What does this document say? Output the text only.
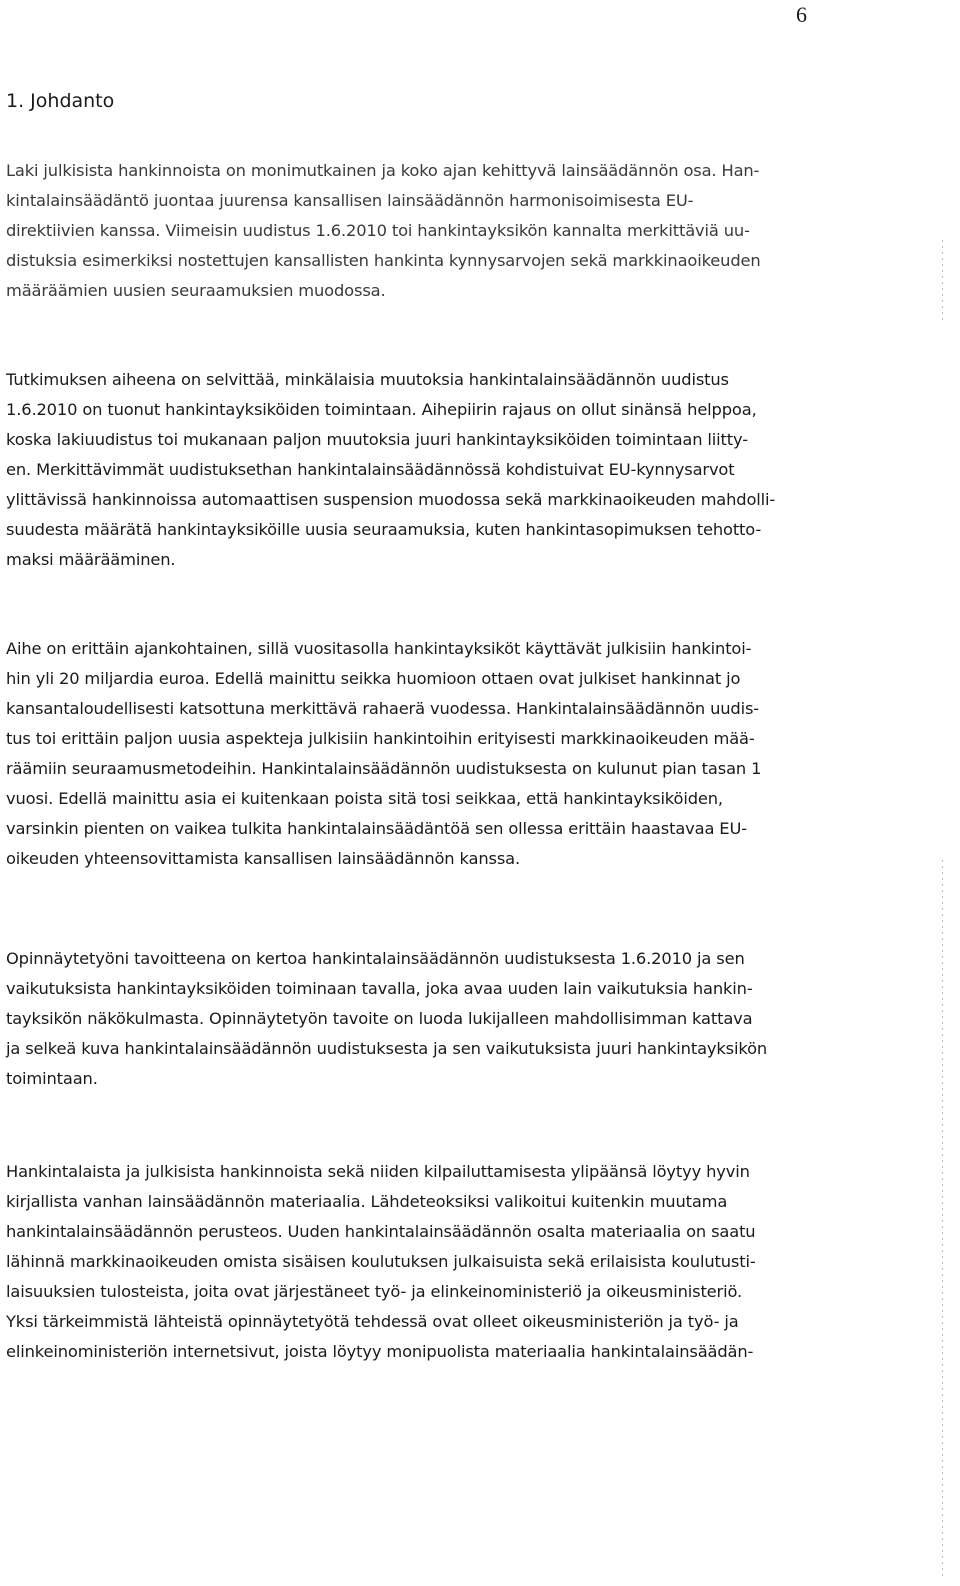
6
1. Johdanto
Laki julkisista hankinnoista on monimutkainen ja koko ajan kehittyvä lainsäädännön osa. Han-
kintalainsäädäntö juontaa juurensa kansallisen lainsäädännön harmonisoimisesta EU-
direktiivien kanssa. Viimeisin uudistus 1.6.2010 toi hankintayksikön kannalta merkittäviä uu-
distuksia esimerkiksi nostettujen kansallisten hankinta kynnysarvojen sekä markkinaoikeuden
määräämien uusien seuraamuksien muodossa.
Tutkimuksen aiheena on selvittää, minkälaisia muutoksia hankintalainsäädännön uudistus
1.6.2010 on tuonut hankintayksiköiden toimintaan. Aihepiirin rajaus on ollut sinänsä helppoa,
koska lakiuudistus toi mukanaan paljon muutoksia juuri hankintayksiköiden toimintaan liitty-
en. Merkittävimmät uudistuksethan hankintalainsäädännössä kohdistuivat EU-kynnysarvot
ylittävissä hankinnoissa automaattisen suspension muodossa sekä markkinaoikeuden mahdolli-
suudesta määrätä hankintayksiköille uusia seuraamuksia, kuten hankintasopimuksen tehotto-
maksi määrääminen.
Aihe on erittäin ajankohtainen, sillä vuositasolla hankintayksiköt käyttävät julkisiin hankintoi-
hin yli 20 miljardia euroa. Edellä mainittu seikka huomioon ottaen ovat julkiset hankinnat jo
kansantaloudellisesti katsottuna merkittävä rahaerä vuodessa. Hankintalainsäädännön uudis-
tus toi erittäin paljon uusia aspekteja julkisiin hankintoihin erityisesti markkinaoikeuden mää-
räämiin seuraamusmetodeihin. Hankintalainsäädännön uudistuksesta on kulunut pian tasan 1
vuosi. Edellä mainittu asia ei kuitenkaan poista sitä tosi seikkaa, että hankintayksiköiden,
varsinkin pienten on vaikea tulkita hankintalainsäädäntöä sen ollessa erittäin haastavaa EU-
oikeuden yhteensovittamista kansallisen lainsäädännön kanssa.
Opinnäytetyöni tavoitteena on kertoa hankintalainsäädännön uudistuksesta 1.6.2010 ja sen
vaikutuksista hankintayksiköiden toiminaan tavalla, joka avaa uuden lain vaikutuksia hankin-
tayksikön näkökulmasta. Opinnäytetyön tavoite on luoda lukijalleen mahdollisimman kattava
ja selkeä kuva hankintalainsäädännön uudistuksesta ja sen vaikutuksista juuri hankintayksikön
toimintaan.
Hankintalaista ja julkisista hankinnoista sekä niiden kilpailuttamisesta ylipäänsä löytyy hyvin
kirjallista vanhan lainsäädännön materiaalia. Lähdeteoksiksi valikoitui kuitenkin muutama
hankintalainsäädännön perusteos. Uuden hankintalainsäädännön osalta materiaalia on saatu
lähinnä markkinaoikeuden omista sisäisen koulutuksen julkaisuista sekä erilaisista koulutusti-
laisuuksien tulosteista, joita ovat järjestäneet työ- ja elinkeinoministeriö ja oikeusministeriö.
Yksi tärkeimmistä lähteistä opinnäytetyötä tehdessä ovat olleet oikeusministeriön ja työ- ja
elinkeinoministeriön internetsivut, joista löytyy monipuolista materiaalia hankintalainsäädän-
